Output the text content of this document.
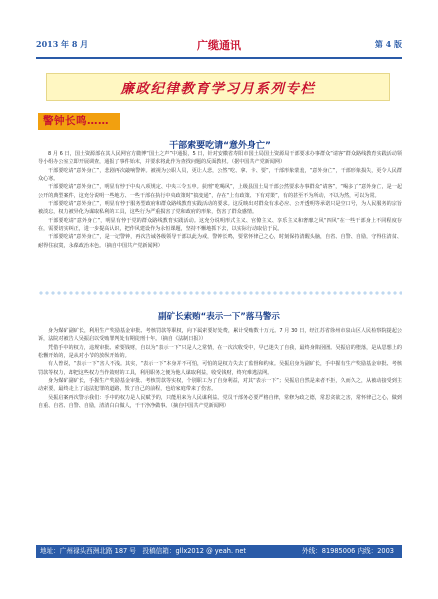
2013 年 8 月	广缆通讯	第 4 版
廉政纪律教育学习月系列专栏
警钟长鸣……
干部索要吃请“意外身亡”

8 月 6 日，国土资源部在其人民网官方微博“国土之声”中通报，5 日，针对安徽省寿阳市国土局国土资源局干部要求办事群众“请客”群众路线教育实践活动领导小组办公室立即开展调查，通报了事件始末，并要求将此作为查找问题的反面教材。（据中国共产党新闻网）

干部要吃请“意外身亡”，悲剧再次敲响警钟。被视为公职人员，更让人悲，公然“吃、拿、卡、要”，干部形象蒙羞，“意外身亡”，干部形象损失，更令人民群众心寒。

干部要吃请“意外身亡”，明显有悖于中央八项规定、中央三令五申。获刑“吃喝风”，上级县国土局干部公然要求办事群众“请客”，“喝多了”意外身亡，是一起公开的典型案件，这充分说明一些地方、一些干部在执行中央政策时“搞变通”，存在“上有政策、下有对策”，有的甚至不为所动，不以为然，可以为常。

干部要吃请“意外身亡”，明显有悖于服务型政府和群众路线教育实践活动的要求。这反映出对群众有求必应、公开透明等承诺只是空口号，为人民服务的宗旨被淡忘，权力被异化为谋取私利的工具，这些行为严重损害了党和政府的形象，伤害了群众感情。

干部要吃请“意外身亡”，明显有悖于党的群众路线教育实践活动。这充分说明形式主义、官僚主义、享乐主义和奢靡之风“四风”在一些干部身上不同程度存在，需要切实纠正，进一步提高认识，把作风建设作为永恒课题，坚持不懈地抓下去，以实际行动取信于民。

干部要吃请“意外身亡”，是一记警钟，再次告诫各级领导干部以此为戒，警钟长鸣，要常怀律己之心，时刻保持清醒头脑，自省、自警、自励，守得住清贫、耐得住寂寞，永葆政治本色。（摘自中国共产党新闻网）

副矿长索贿“表示一下”落马警示

身为煤矿副矿长，利用生产奖励基金审批、考核罚款等职权，向下属索要好处费，累计受贿数十万元。7 月 30 日，经江苏省徐州市泉山区人民检察院提起公诉，法院对被告人吴振启以受贿罪判处有期徒刑十年。（摘自《法制日报》）

凭借手中的权力，违规审批、索要钱财，自以为“表示一下”只是人之常情，在一次次收受中，早已迷失了自我，最终身陷囹圄。吴振启的堕落，是从思想上的松懈开始的，是从对小节的放纵开始的。

有人曾说，“表示一下”害人不浅。其实，“表示一下”本身并不可怕，可怕的是权力失去了监督和约束。吴振启身为副矿长，手中握有生产奖励基金审批、考核罚款等权力，却把这些权力当作敛财的工具，利用职务之便为他人谋取利益，收受钱财，终究难逃法网。

身为煤矿副矿长，手握生产奖励基金审批、考核罚款等实权，个别职工为了自身利益，对其“表示一下”；吴振启自然是来者不拒，久而久之，从被动接受到主动索要，最终走上了违法犯罪的道路，毁了自己的前程，也给家庭带来了伤害。

吴振启案再次警示我们：手中的权力是人民赋予的，只能用来为人民谋利益。党员干部务必要严格自律，常修为政之德，常思贪欲之害，常怀律己之心，做到自重、自省、自警、自励，清清白白做人，干干净净做事。（摘自中国共产党新闻网）

地址：广州禄头西洲北路 187 号　投稿信箱：gllx2012 @ yeah. net	外线：81985006 内线：2003
